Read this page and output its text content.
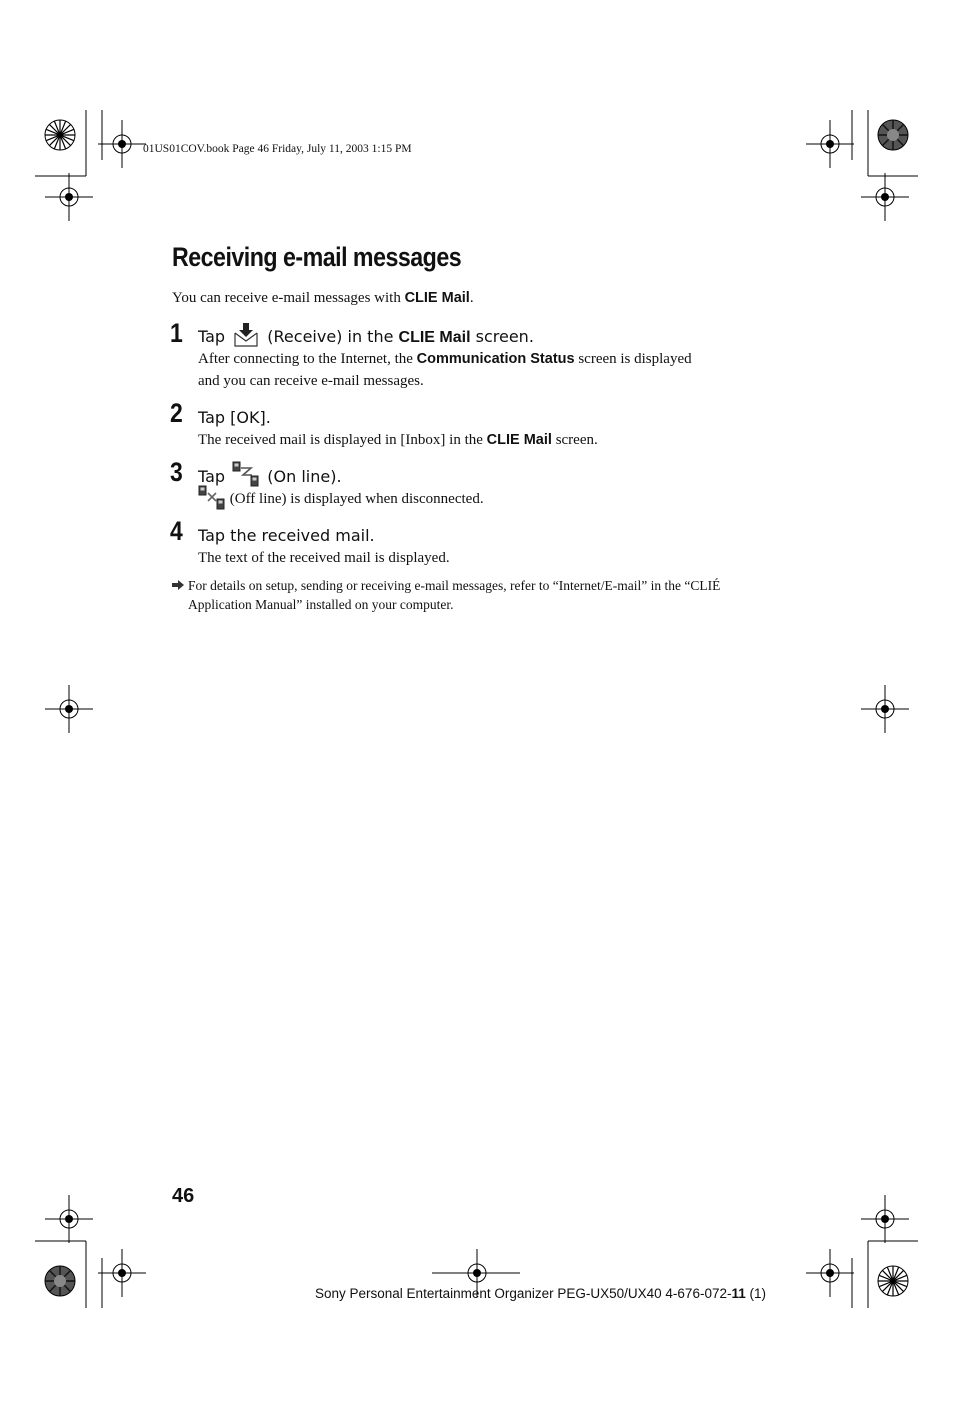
01US01COV.book Page 46 Friday, July 11, 2003 1:15 PM
Receiving e-mail messages
You can receive e-mail messages with CLIE Mail.
1 Tap	(Receive) in the CLIE Mail screen.
After connecting to the Internet, the Communication Status screen is displayed
and you can receive e-mail messages.
2 Tap [OK].
The received mail is displayed in [Inbox] in the CLIE Mail screen.
3 Tap	(On line).
(Off line) is displayed when disconnected.
4 Tap the received mail.
The text of the received mail is displayed.
For details on setup, sending or receiving e-mail messages, refer to “Internet/E-mail” in the “CLIÉ
Application Manual” installed on your computer.
46
Sony Personal Entertainment Organizer PEG-UX50/UX40 4-676-072-11 (1)
